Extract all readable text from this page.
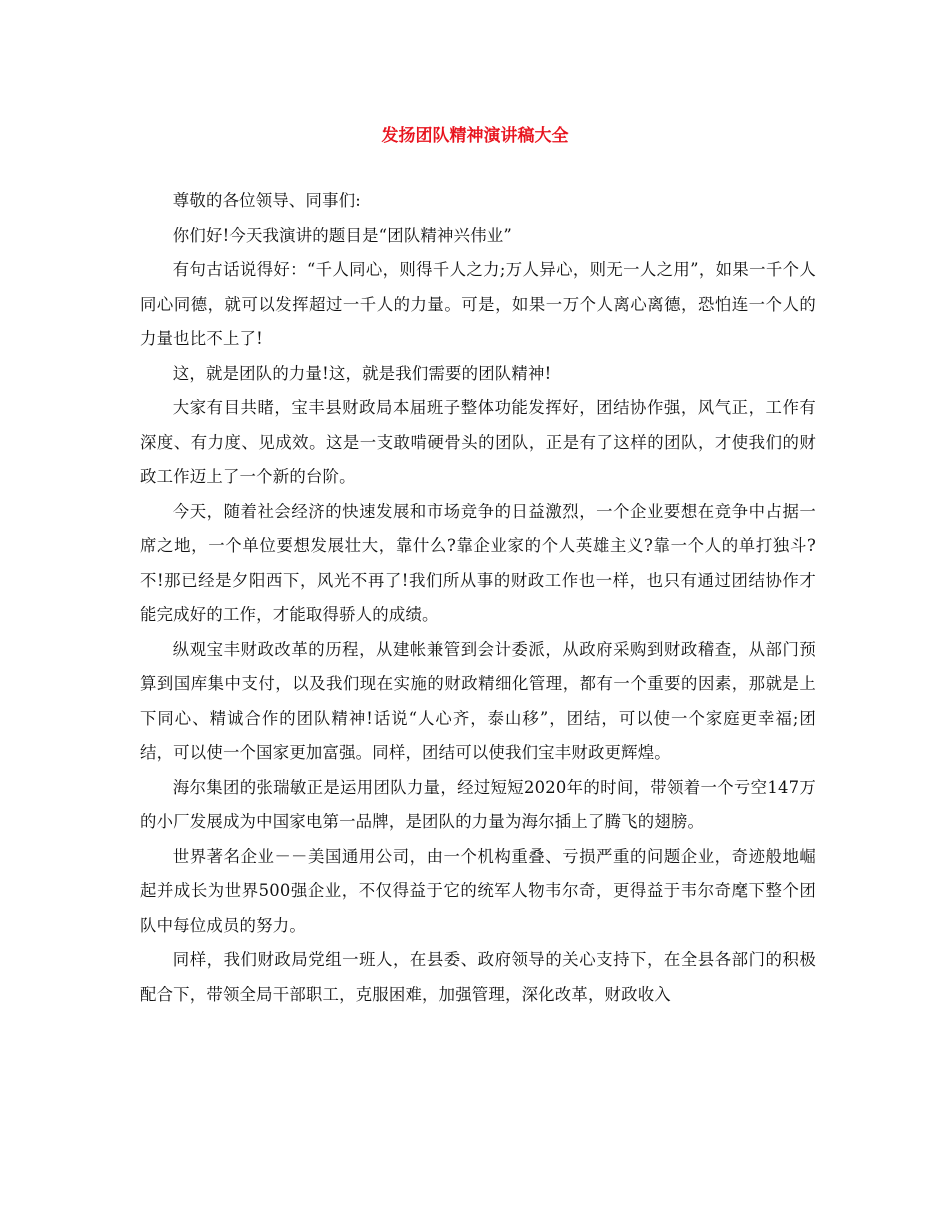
发扬团队精神演讲稿大全

尊敬的各位领导、同事们:

你们好!今天我演讲的题目是“团队精神兴伟业”

有句古话说得好：“千人同心，则得千人之力;万人异心，则无一人之用”，如果一千个人同心同德，就可以发挥超过一千人的力量。可是，如果一万个人离心离德，恐怕连一个人的力量也比不上了!

这，就是团队的力量!这，就是我们需要的团队精神!

大家有目共睹，宝丰县财政局本届班子整体功能发挥好，团结协作强，风气正，工作有深度、有力度、见成效。这是一支敢啃硬骨头的团队，正是有了这样的团队，才使我们的财政工作迈上了一个新的台阶。

今天，随着社会经济的快速发展和市场竞争的日益激烈，一个企业要想在竞争中占据一席之地，一个单位要想发展壮大，靠什么?靠企业家的个人英雄主义?靠一个人的单打独斗?不!那已经是夕阳西下，风光不再了!我们所从事的财政工作也一样，也只有通过团结协作才能完成好的工作，才能取得骄人的成绩。

纵观宝丰财政改革的历程，从建帐兼管到会计委派，从政府采购到财政稽查，从部门预算到国库集中支付，以及我们现在实施的财政精细化管理，都有一个重要的因素，那就是上下同心、精诚合作的团队精神!话说“人心齐，泰山移”，团结，可以使一个家庭更幸福;团结，可以使一个国家更加富强。同样，团结可以使我们宝丰财政更辉煌。

海尔集团的张瑞敏正是运用团队力量，经过短短2020年的时间，带领着一个亏空147万的小厂发展成为中国家电第一品牌，是团队的力量为海尔插上了腾飞的翅膀。

世界著名企业－－美国通用公司，由一个机构重叠、亏损严重的问题企业，奇迹般地崛起并成长为世界500强企业，不仅得益于它的统军人物韦尔奇，更得益于韦尔奇麾下整个团队中每位成员的努力。

同样，我们财政局党组一班人，在县委、政府领导的关心支持下，在全县各部门的积极配合下，带领全局干部职工，克服困难，加强管理，深化改革，财政收入
